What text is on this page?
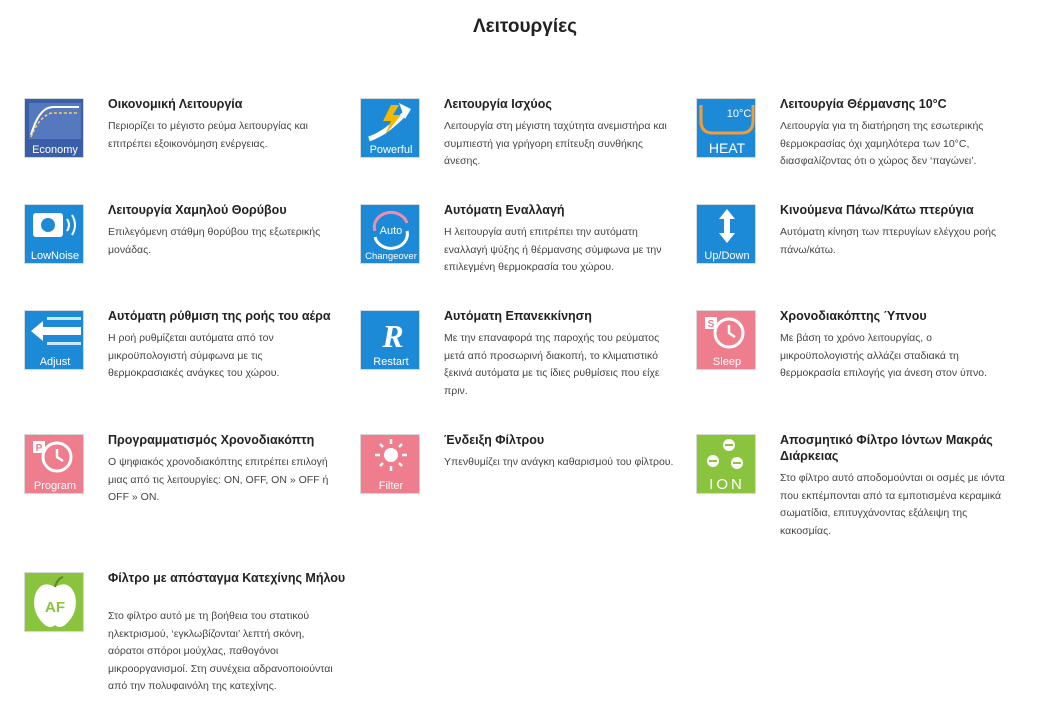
Λειτουργίες
Economy
Οικονομική Λειτουργία

Περιορίζει το μέγιστο ρεύμα λειτουργίας και επιτρέπει εξοικονόμηση ενέργειας.

Powerful
Λειτουργία Ισχύος

Λειτουργία στη μέγιστη ταχύτητα ανεμιστήρα και συμπιεστή για γρήγορη επίτευξη συνθήκης άνεσης.

10°C
HEAT
Λειτουργία Θέρμανσης 10°C

Λειτουργία για τη διατήρηση της εσωτερικής θερμοκρασίας όχι χαμηλότερα των 10°C, διασφαλίζοντας ότι ο χώρος δεν ‘παγώνει’.

LowNoise
Λειτουργία Χαμηλού Θορύβου

Επιλεγόμενη στάθμη θορύβου της εξωτερικής μονάδας.

Auto
Changeover
Αυτόματη Εναλλαγή

Η λειτουργία αυτή επιτρέπει την αυτόματη εναλλαγή ψύξης ή θέρμανσης σύμφωνα με την επιλεγμένη θερμοκρασία του χώρου.

Up/Down
Κινούμενα Πάνω/Κάτω πτερύγια

Αυτόματη κίνηση των πτερυγίων ελέγχου ροής πάνω/κάτω.

Adjust
Αυτόματη ρύθμιση της ροής του αέρα

Η ροή ρυθμίζεται αυτόματα από τον μικροϋπολογιστή σύμφωνα με τις θερμοκρασιακές ανάγκες του χώρου.

R
Restart
Αυτόματη Επανεκκίνηση

Με την επαναφορά της παροχής του ρεύματος μετά από προσωρινή διακοπή, το κλιματιστικό ξεκινά αυτόματα με τις ίδιες ρυθμίσεις που είχε πριν.

S
Sleep
Χρονοδιακόπτης Ύπνου

Με βάση το χρόνο λειτουργίας, ο μικροϋπολογιστής αλλάζει σταδιακά τη θερμοκρασία επιλογής για άνεση στον ύπνο.

P
Program
Προγραμματισμός Χρονοδιακόπτη

Ο ψηφιακός χρονοδιακόπτης επιτρέπει επιλογή μιας από τις λειτουργίες: ON, OFF, ON » OFF ή OFF » ON.

Filter
Ένδειξη Φίλτρου

Υπενθυμίζει την ανάγκη καθαρισμού του φίλτρου.

ION
Αποσμητικό Φίλτρο Ιόντων Μακράς Διάρκειας

Στο φίλτρο αυτό αποδομούνται οι οσμές με ιόντα που εκπέμπονται από τα εμποτισμένα κεραμικά σωματίδια, επιτυγχάνοντας εξάλειψη της κακοσμίας.

AF
Φίλτρο με απόσταγμα Κατεχίνης Μήλου

Στο φίλτρο αυτό με τη βοήθεια του στατικού ηλεκτρισμού, ‘εγκλωβίζονται’ λεπτή σκόνη, αόρατοι σπόροι μούχλας, παθογόνοι μικροοργανισμοί. Στη συνέχεια αδρανοποιούνται από την πολυφαινόλη της κατεχίνης.
